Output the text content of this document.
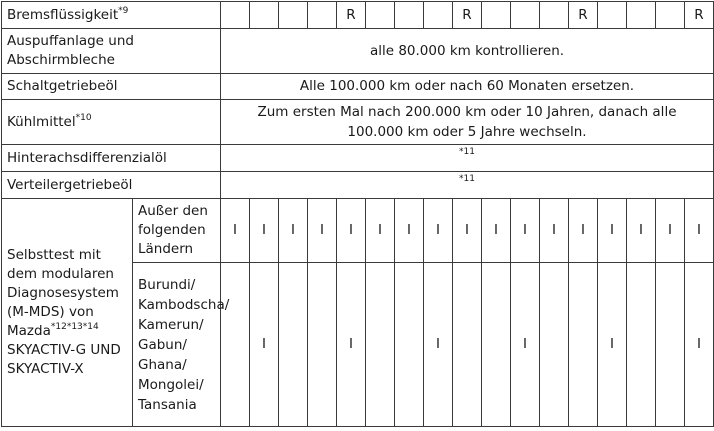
Bremsflüssigkeit$^{*9}$						R				R				R				R
Auspuffanlage und Abschirmbleche		alle 80.000 km kontrollieren.																
Schaltgetriebeöl		Alle 100.000 km oder nach 60 Monaten ersetzen.																
Kühlmittel$^{*10}$		Zum ersten Mal nach 200.000 km oder 10 Jahren, danach alle 100.000 km oder 5 Jahre wechseln.																
Hinterachsdifferenzialöl		$^{*11}$
Verteilergetriebeöl		$^{*11}$
Selbsttest mit dem modularen Diagnosesystem (M-MDS) von Mazda$^{*12*13*14}$ SKYACTIV-G UND SKYACTIV-X	Außer den folgenden Ländern	I	I	I	I	I	I	I	I	I	I	I	I	I	I	I	I	I
	Burundi/ Kambodscha/ Kamerun/ Gabun/ Ghana/ Mongolei/ Tansania		I			I			I			I			I			I
